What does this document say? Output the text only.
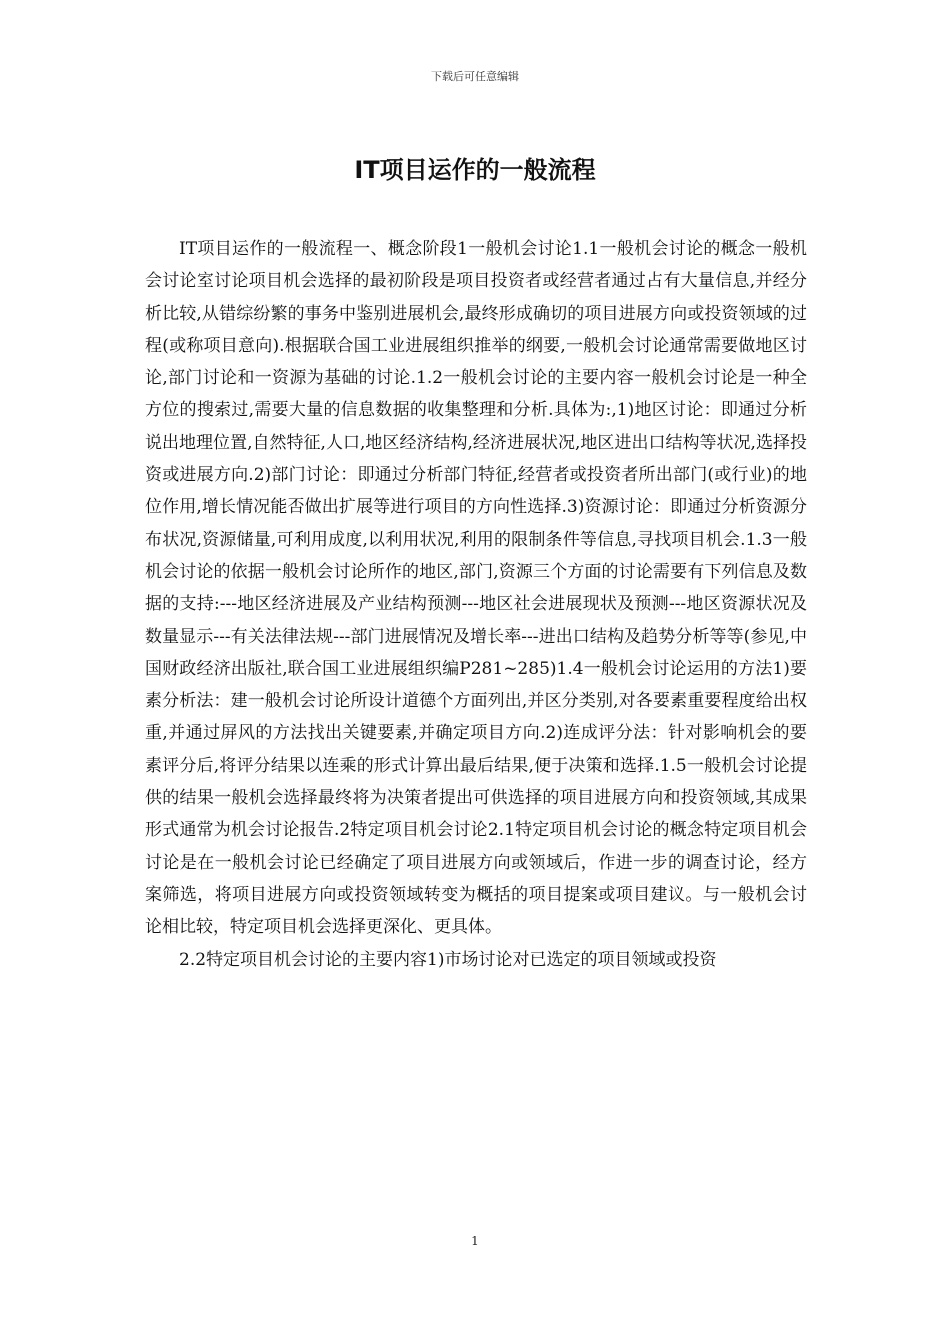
下载后可任意编辑
IT项目运作的一般流程

IT项目运作的一般流程一、概念阶段1一般机会讨论1.1一般机会讨论的概念一般机会讨论室讨论项目机会选择的最初阶段是项目投资者或经营者通过占有大量信息,并经分析比较,从错综纷繁的事务中鉴别进展机会,最终形成确切的项目进展方向或投资领域的过程(或称项目意向).根据联合国工业进展组织推举的纲要,一般机会讨论通常需要做地区讨论,部门讨论和一资源为基础的讨论.1.2一般机会讨论的主要内容一般机会讨论是一种全方位的搜索过,需要大量的信息数据的收集整理和分析.具体为:,1)地区讨论：即通过分析说出地理位置,自然特征,人口,地区经济结构,经济进展状况,地区进出口结构等状况,选择投资或进展方向.2)部门讨论：即通过分析部门特征,经营者或投资者所出部门(或行业)的地位作用,增长情况能否做出扩展等进行项目的方向性选择.3)资源讨论：即通过分析资源分布状况,资源储量,可利用成度,以利用状况,利用的限制条件等信息,寻找项目机会.1.3一般机会讨论的依据一般机会讨论所作的地区,部门,资源三个方面的讨论需要有下列信息及数据的支持:---地区经济进展及产业结构预测---地区社会进展现状及预测---地区资源状况及数量显示---有关法律法规---部门进展情况及增长率---进出口结构及趋势分析等等(参见,中国财政经济出版社,联合国工业进展组织编P281~285)1.4一般机会讨论运用的方法1)要素分析法：建一般机会讨论所设计道德个方面列出,并区分类别,对各要素重要程度给出权重,并通过屏风的方法找出关键要素,并确定项目方向.2)连成评分法：针对影响机会的要素评分后,将评分结果以连乘的形式计算出最后结果,便于决策和选择.1.5一般机会讨论提供的结果一般机会选择最终将为决策者提出可供选择的项目进展方向和投资领域,其成果形式通常为机会讨论报告.2特定项目机会讨论2.1特定项目机会讨论的概念特定项目机会讨论是在一般机会讨论已经确定了项目进展方向或领域后，作进一步的调查讨论，经方案筛选，将项目进展方向或投资领域转变为概括的项目提案或项目建议。与一般机会讨论相比较，特定项目机会选择更深化、更具体。

2.2特定项目机会讨论的主要内容1)市场讨论对已选定的项目领域或投资

1
